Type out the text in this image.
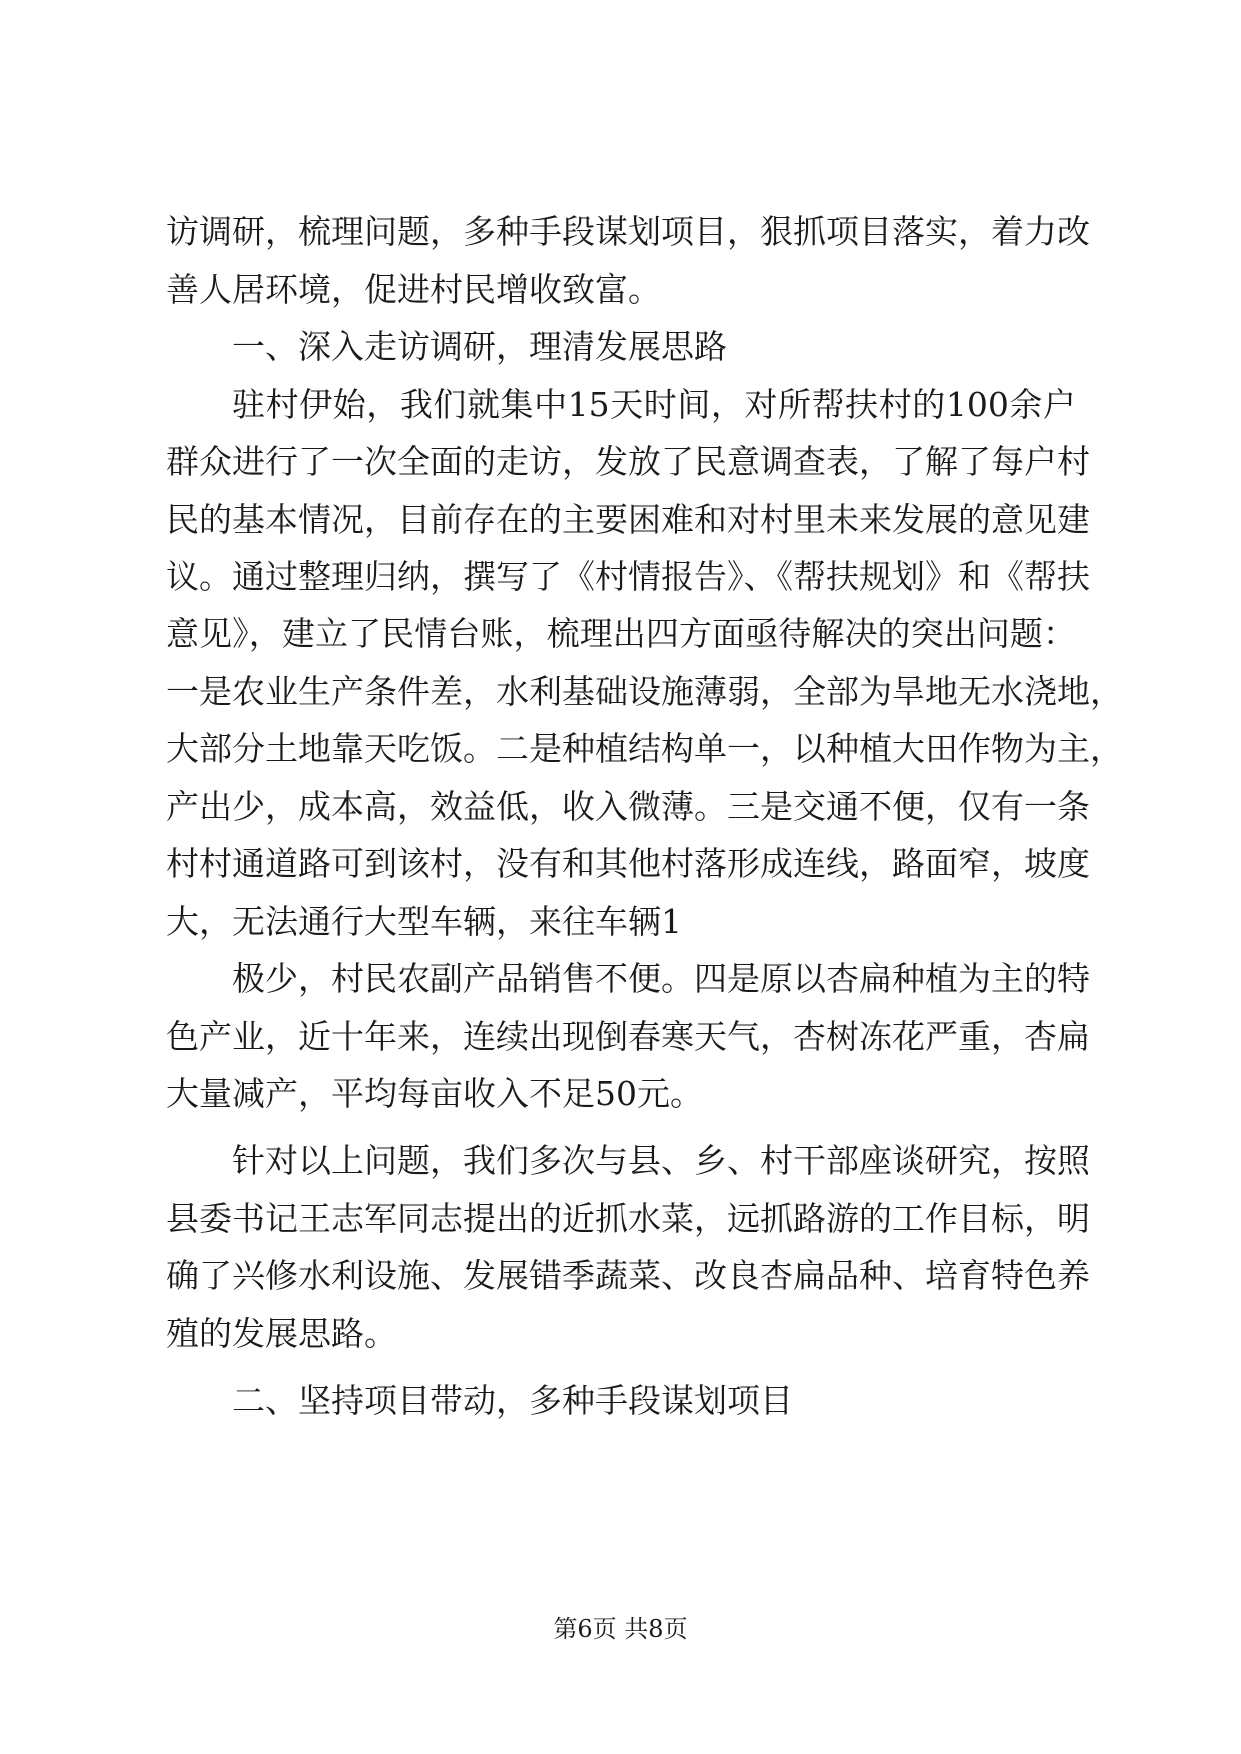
访调研，梳理问题，多种手段谋划项目，狠抓项目落实，着力改
善人居环境，促进村民增收致富。
一、深入走访调研，理清发展思路
驻村伊始，我们就集中15天时间，对所帮扶村的100余户
群众进行了一次全面的走访，发放了民意调查表，了解了每户村
民的基本情况，目前存在的主要困难和对村里未来发展的意见建
议。通过整理归纳，撰写了《村情报告》、《帮扶规划》和《帮扶
意见》，建立了民情台账，梳理出四方面亟待解决的突出问题：
一是农业生产条件差，水利基础设施薄弱，全部为旱地无水浇地，
大部分土地靠天吃饭。二是种植结构单一，以种植大田作物为主，
产出少，成本高，效益低，收入微薄。三是交通不便，仅有一条
村村通道路可到该村，没有和其他村落形成连线，路面窄，坡度
大，无法通行大型车辆，来往车辆1
极少，村民农副产品销售不便。四是原以杏扁种植为主的特
色产业，近十年来，连续出现倒春寒天气，杏树冻花严重，杏扁
大量减产，平均每亩收入不足50元。
针对以上问题，我们多次与县、乡、村干部座谈研究，按照
县委书记王志军同志提出的近抓水菜，远抓路游的工作目标，明
确了兴修水利设施、发展错季蔬菜、改良杏扁品种、培育特色养
殖的发展思路。
二、坚持项目带动，多种手段谋划项目
第6页 共8页
